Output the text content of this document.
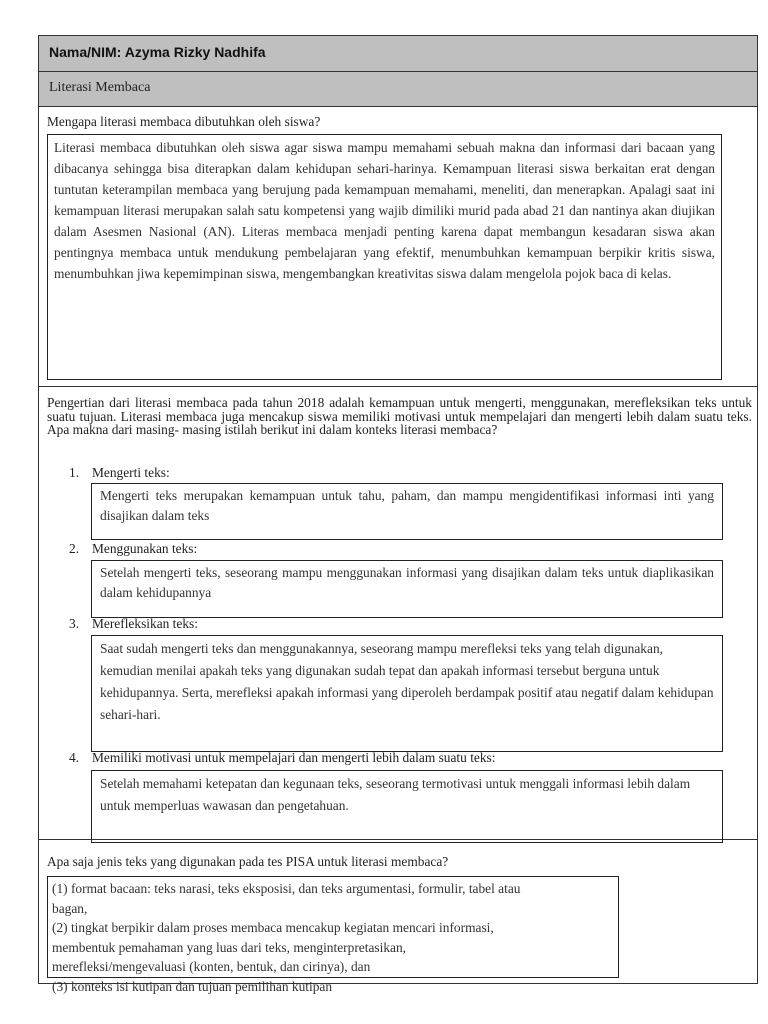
Nama/NIM: Azyma Rizky Nadhifa
Literasi Membaca
Mengapa literasi membaca dibutuhkan oleh siswa?
Literasi membaca dibutuhkan oleh siswa agar siswa mampu memahami sebuah makna dan informasi dari bacaan yang dibacanya sehingga bisa diterapkan dalam kehidupan sehari-harinya. Kemampuan literasi siswa berkaitan erat dengan tuntutan keterampilan membaca yang berujung pada kemampuan memahami, meneliti, dan menerapkan. Apalagi saat ini kemampuan literasi merupakan salah satu kompetensi yang wajib dimiliki murid pada abad 21 dan nantinya akan diujikan dalam Asesmen Nasional (AN). Literas membaca menjadi penting karena dapat membangun kesadaran siswa akan pentingnya membaca untuk mendukung pembelajaran yang efektif, menumbuhkan kemampuan berpikir kritis siswa, menumbuhkan jiwa kepemimpinan siswa, mengembangkan kreativitas siswa dalam mengelola pojok baca di kelas.
Pengertian dari literasi membaca pada tahun 2018 adalah kemampuan untuk mengerti, menggunakan, merefleksikan teks untuk suatu tujuan. Literasi membaca juga mencakup siswa memiliki motivasi untuk mempelajari dan mengerti lebih dalam suatu teks. Apa makna dari masing- masing istilah berikut ini dalam konteks literasi membaca?
1. Mengerti teks:
Mengerti teks merupakan kemampuan untuk tahu, paham, dan mampu mengidentifikasi informasi inti yang disajikan dalam teks
2. Menggunakan teks:
Setelah mengerti teks, seseorang mampu menggunakan informasi yang disajikan dalam teks untuk diaplikasikan dalam kehidupannya
3. Merefleksikan teks:
Saat sudah mengerti teks dan menggunakannya, seseorang mampu merefleksi teks yang telah digunakan, kemudian menilai apakah teks yang digunakan sudah tepat dan apakah informasi tersebut berguna untuk kehidupannya. Serta, merefleksi apakah informasi yang diperoleh berdampak positif atau negatif dalam kehidupan sehari-hari.
4. Memiliki motivasi untuk mempelajari dan mengerti lebih dalam suatu teks:
Setelah memahami ketepatan dan kegunaan teks, seseorang termotivasi untuk menggali informasi lebih dalam untuk memperluas wawasan dan pengetahuan.
Apa saja jenis teks yang digunakan pada tes PISA untuk literasi membaca?
(1) format bacaan: teks narasi, teks eksposisi, dan teks argumentasi, formulir, tabel atau
bagan,
(2) tingkat berpikir dalam proses membaca mencakup kegiatan mencari informasi,
membentuk pemahaman yang luas dari teks, menginterpretasikan,
merefleksi/mengevaluasi (konten, bentuk, dan cirinya), dan
(3) konteks isi kutipan dan tujuan pemilihan kutipan
